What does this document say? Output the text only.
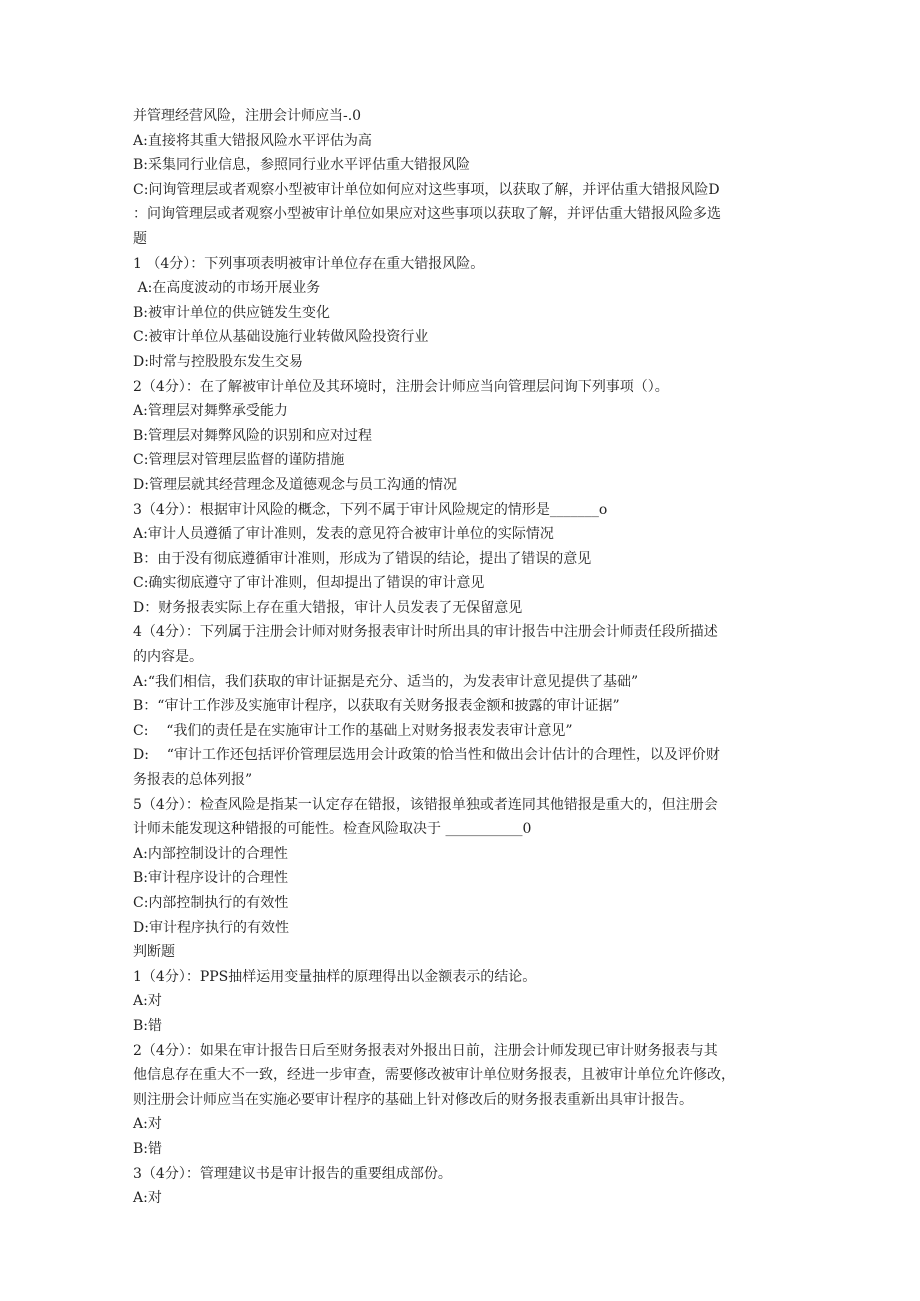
并管理经营风险，注册会计师应当-.0
A:直接将其重大错报风险水平评估为高
B:采集同行业信息，参照同行业水平评估重大错报风险
C:问询管理层或者观察小型被审计单位如何应对这些事项，以获取了解，并评估重大错报风险D
：问询管理层或者观察小型被审计单位如果应对这些事项以获取了解，并评估重大错报风险多选
题
1 （4分）：下列事项表明被审计单位存在重大错报风险。
A:在高度波动的市场开展业务
B:被审计单位的供应链发生变化
C:被审计单位从基础设施行业转做风险投资行业
D:时常与控股股东发生交易
2（4分）：在了解被审计单位及其环境时，注册会计师应当向管理层问询下列事项（）。
A:管理层对舞弊承受能力
B:管理层对舞弊风险的识别和应对过程
C:管理层对管理层监督的谨防措施
D:管理层就其经营理念及道德观念与员工沟通的情况
3（4分）：根据审计风险的概念，下列不属于审计风险规定的情形是_______o
A:审计人员遵循了审计准则，发表的意见符合被审计单位的实际情况
B：由于没有彻底遵循审计准则，形成为了错误的结论，提出了错误的意见
C:确实彻底遵守了审计准则，但却提出了错误的审计意见
D：财务报表实际上存在重大错报，审计人员发表了无保留意见
4（4分）：下列属于注册会计师对财务报表审计时所出具的审计报告中注册会计师责任段所描述
的内容是。
A:“我们相信，我们获取的审计证据是充分、适当的，为发表审计意见提供了基础”
B：“审计工作涉及实施审计程序，以获取有关财务报表金额和披露的审计证据”
C:    “我们的责任是在实施审计工作的基础上对财务报表发表审计意见”
D:    “审计工作还包括评价管理层选用会计政策的恰当性和做出会计估计的合理性，以及评价财
务报表的总体列报”
5（4分）：检查风险是指某一认定存在错报，该错报单独或者连同其他错报是重大的，但注册会
计师未能发现这种错报的可能性。检查风险取决于 ___________0
A:内部控制设计的合理性
B:审计程序设计的合理性
C:内部控制执行的有效性
D:审计程序执行的有效性
判断题
1（4分）：PPS抽样运用变量抽样的原理得出以金额表示的结论。
A:对
B:错
2（4分）：如果在审计报告日后至财务报表对外报出日前，注册会计师发现已审计财务报表与其
他信息存在重大不一致，经进一步审查，需要修改被审计单位财务报表，且被审计单位允许修改，
则注册会计师应当在实施必要审计程序的基础上针对修改后的财务报表重新出具审计报告。
A:对
B:错
3（4分）：管理建议书是审计报告的重要组成部份。
A:对
